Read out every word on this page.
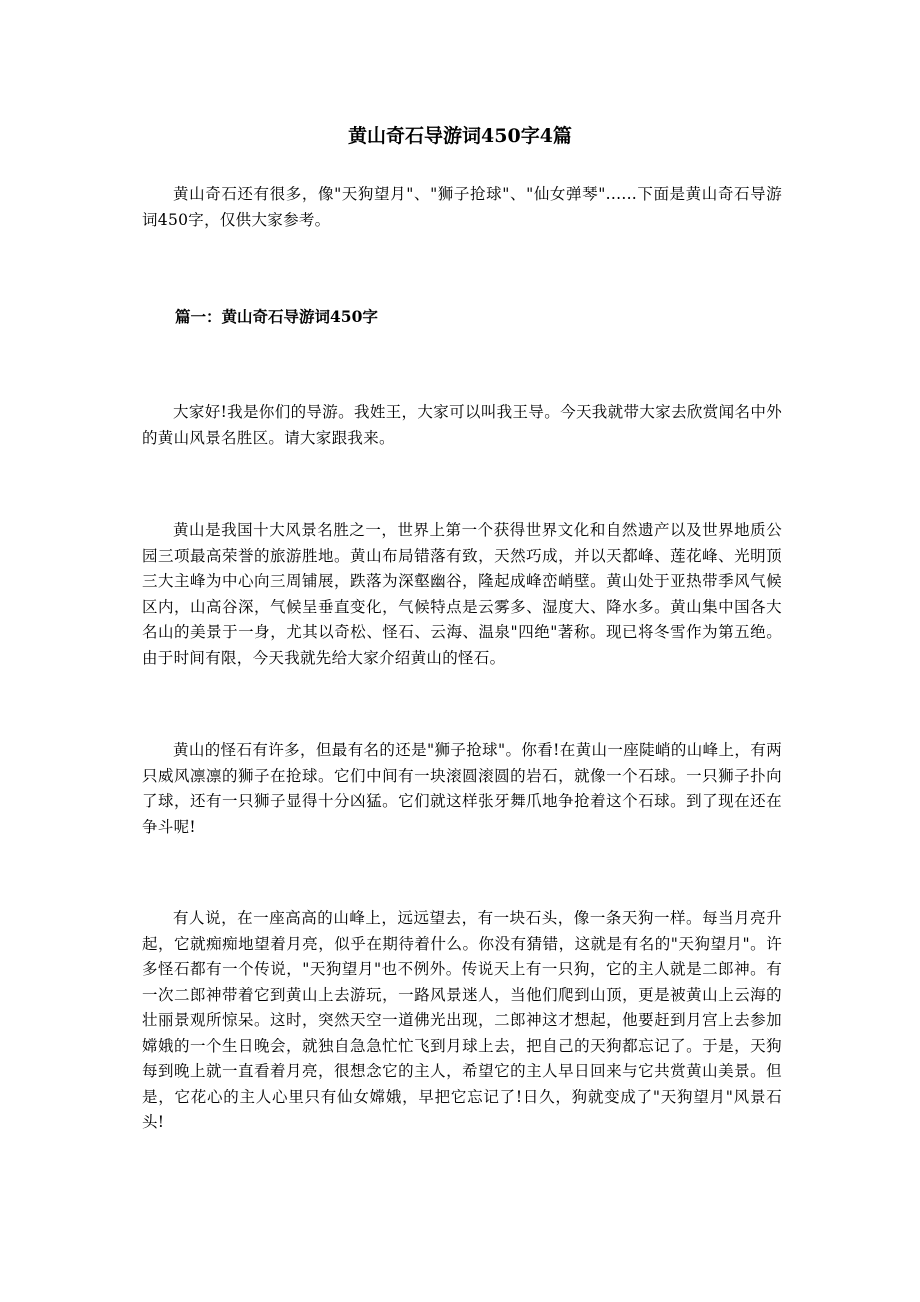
黄山奇石导游词450字4篇

黄山奇石还有很多，像"天狗望月"、"狮子抢球"、"仙女弹琴"......下面是黄山奇石导游词450字，仅供大家参考。

篇一：黄山奇石导游词450字

大家好!我是你们的导游。我姓王，大家可以叫我王导。今天我就带大家去欣赏闻名中外的黄山风景名胜区。请大家跟我来。

黄山是我国十大风景名胜之一，世界上第一个获得世界文化和自然遗产以及世界地质公园三项最高荣誉的旅游胜地。黄山布局错落有致，天然巧成，并以天都峰、莲花峰、光明顶三大主峰为中心向三周铺展，跌落为深壑幽谷，隆起成峰峦峭壁。黄山处于亚热带季风气候区内，山高谷深，气候呈垂直变化，气候特点是云雾多、湿度大、降水多。黄山集中国各大名山的美景于一身，尤其以奇松、怪石、云海、温泉"四绝"著称。现已将冬雪作为第五绝。由于时间有限，今天我就先给大家介绍黄山的怪石。

黄山的怪石有许多，但最有名的还是"狮子抢球"。你看!在黄山一座陡峭的山峰上，有两只威风凛凛的狮子在抢球。它们中间有一块滚圆滚圆的岩石，就像一个石球。一只狮子扑向了球，还有一只狮子显得十分凶猛。它们就这样张牙舞爪地争抢着这个石球。到了现在还在争斗呢!

有人说，在一座高高的山峰上，远远望去，有一块石头，像一条天狗一样。每当月亮升起，它就痴痴地望着月亮，似乎在期待着什么。你没有猜错，这就是有名的"天狗望月"。许多怪石都有一个传说，"天狗望月"也不例外。传说天上有一只狗，它的主人就是二郎神。有一次二郎神带着它到黄山上去游玩，一路风景迷人，当他们爬到山顶，更是被黄山上云海的壮丽景观所惊呆。这时，突然天空一道佛光出现，二郎神这才想起，他要赶到月宫上去参加嫦娥的一个生日晚会，就独自急急忙忙飞到月球上去，把自己的天狗都忘记了。于是，天狗每到晚上就一直看着月亮，很想念它的主人，希望它的主人早日回来与它共赏黄山美景。但是，它花心的主人心里只有仙女嫦娥，早把它忘记了!日久，狗就变成了"天狗望月"风景石头!
